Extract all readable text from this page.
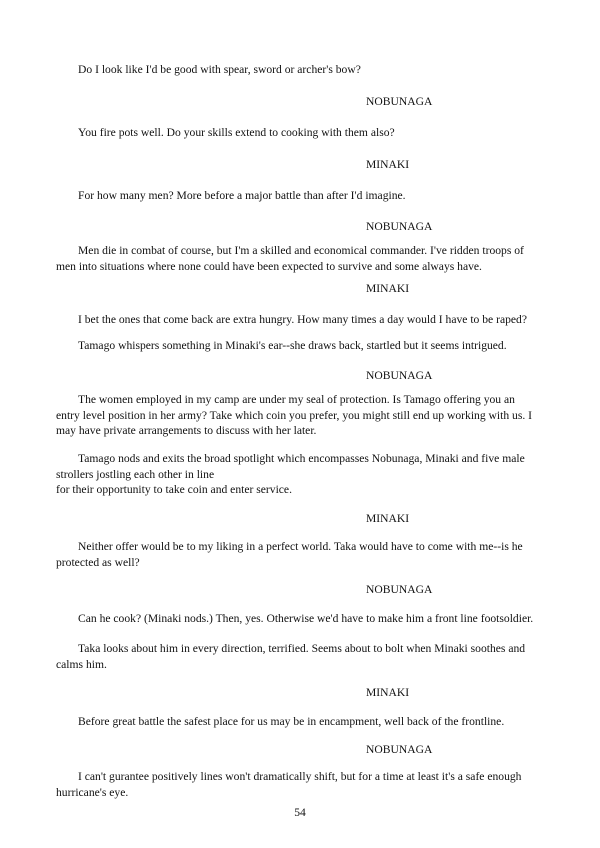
Do I look like I'd be good with spear, sword or archer's bow?
NOBUNAGA
You fire pots well. Do your skills extend to cooking with them also?
MINAKI
For how many men? More before a major battle than after I'd imagine.
NOBUNAGA
Men die in combat of course, but I'm a skilled and economical commander. I've ridden troops of
men into situations where none could have been expected to survive and some always have.
MINAKI
I bet the ones that come back are extra hungry. How many times a day would I have to be raped?
Tamago whispers something in Minaki's ear--she draws back, startled but it seems intrigued.
NOBUNAGA
The women employed in my camp are under my seal of protection. Is Tamago offering you an
entry level position in her army? Take which coin you prefer, you might still end up working with us. I
may have private arrangements to discuss with her later.
Tamago nods and exits the broad spotlight which encompasses Nobunaga, Minaki and five male
strollers jostling each other in line
for their opportunity to take coin and enter service.
MINAKI
Neither offer would be to my liking in a perfect world. Taka would have to come with me--is he
protected as well?
NOBUNAGA
Can he cook? (Minaki nods.) Then, yes. Otherwise we'd have to make him a front line footsoldier.
Taka looks about him in every direction, terrified. Seems about to bolt when Minaki soothes and
calms him.
MINAKI
Before great battle the safest place for us may be in encampment, well back of the frontline.
NOBUNAGA
I can't gurantee positively lines won't dramatically shift, but for a time at least it's a safe enough
hurricane's eye.
54
